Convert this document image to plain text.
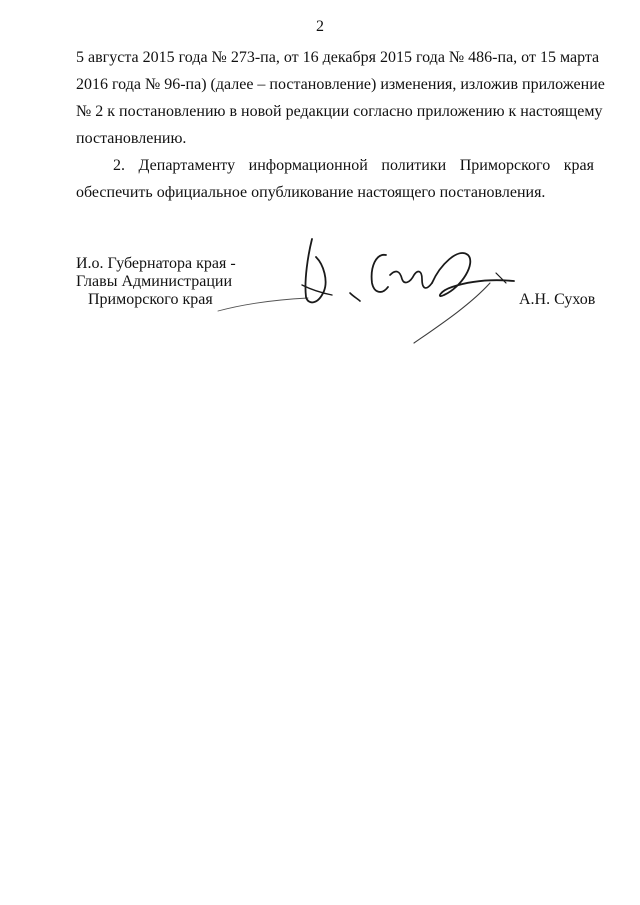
2

5 августа 2015 года № 273-па, от 16 декабря 2015 года № 486-па, от 15 марта
2016 года № 96-па) (далее – постановление) изменения, изложив приложение
№ 2 к постановлению в новой редакции согласно приложению к настоящему
постановлению.

2. Департаменту информационной политики Приморского края
обеспечить официальное опубликование настоящего постановления.

И.о. Губернатора края -
Главы Администрации
Приморского края	А.Н. Сухов
